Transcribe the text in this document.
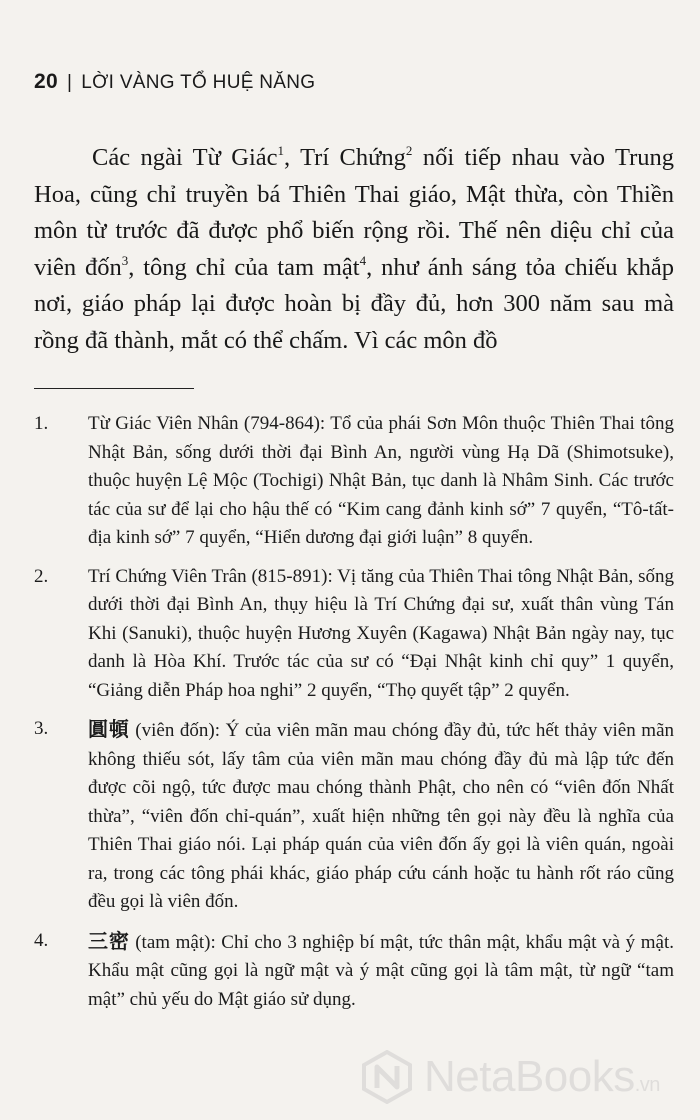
20 | LỜI VÀNG TỔ HUỆ NĂNG

Các ngài Từ Giác$^1$, Trí Chứng$^2$ nối tiếp nhau vào Trung Hoa, cũng chỉ truyền bá Thiên Thai giáo, Mật thừa, còn Thiền môn từ trước đã được phổ biến rộng rồi. Thế nên diệu chỉ của viên đốn$^3$, tông chỉ của tam mật$^4$, như ánh sáng tỏa chiếu khắp nơi, giáo pháp lại được hoàn bị đầy đủ, hơn 300 năm sau mà rồng đã thành, mắt có thể chấm. Vì các môn đồ

1.	Từ Giác Viên Nhân (794-864): Tổ của phái Sơn Môn thuộc Thiên Thai tông Nhật Bản, sống dưới thời đại Bình An, người vùng Hạ Dã (Shimotsuke), thuộc huyện Lệ Mộc (Tochigi) Nhật Bản, tục danh là Nhâm Sinh. Các trước tác của sư để lại cho hậu thế có “Kim cang đảnh kinh sớ” 7 quyển, “Tô-tất-địa kinh sớ” 7 quyển, “Hiển dương đại giới luận” 8 quyển.
2.	Trí Chứng Viên Trân (815-891): Vị tăng của Thiên Thai tông Nhật Bản, sống dưới thời đại Bình An, thụy hiệu là Trí Chứng đại sư, xuất thân vùng Tán Khi (Sanuki), thuộc huyện Hương Xuyên (Kagawa) Nhật Bản ngày nay, tục danh là Hòa Khí. Trước tác của sư có “Đại Nhật kinh chỉ quy” 1 quyển, “Giảng diễn Pháp hoa nghi” 2 quyển, “Thọ quyết tập” 2 quyển.
3.	圓頓 (viên đốn): Ý của viên mãn mau chóng đầy đủ, tức hết thảy viên mãn không thiếu sót, lấy tâm của viên mãn mau chóng đầy đủ mà lập tức đến được cõi ngộ, tức được mau chóng thành Phật, cho nên có “viên đốn Nhất thừa”, “viên đốn chỉ-quán”, xuất hiện những tên gọi này đều là nghĩa của Thiên Thai giáo nói. Lại pháp quán của viên đốn ấy gọi là viên quán, ngoài ra, trong các tông phái khác, giáo pháp cứu cánh hoặc tu hành rốt ráo cũng đều gọi là viên đốn.
4.	三密 (tam mật): Chỉ cho 3 nghiệp bí mật, tức thân mật, khẩu mật và ý mật. Khẩu mật cũng gọi là ngữ mật và ý mật cũng gọi là tâm mật, từ ngữ “tam mật” chủ yếu do Mật giáo sử dụng.
NetaBooks.vn
